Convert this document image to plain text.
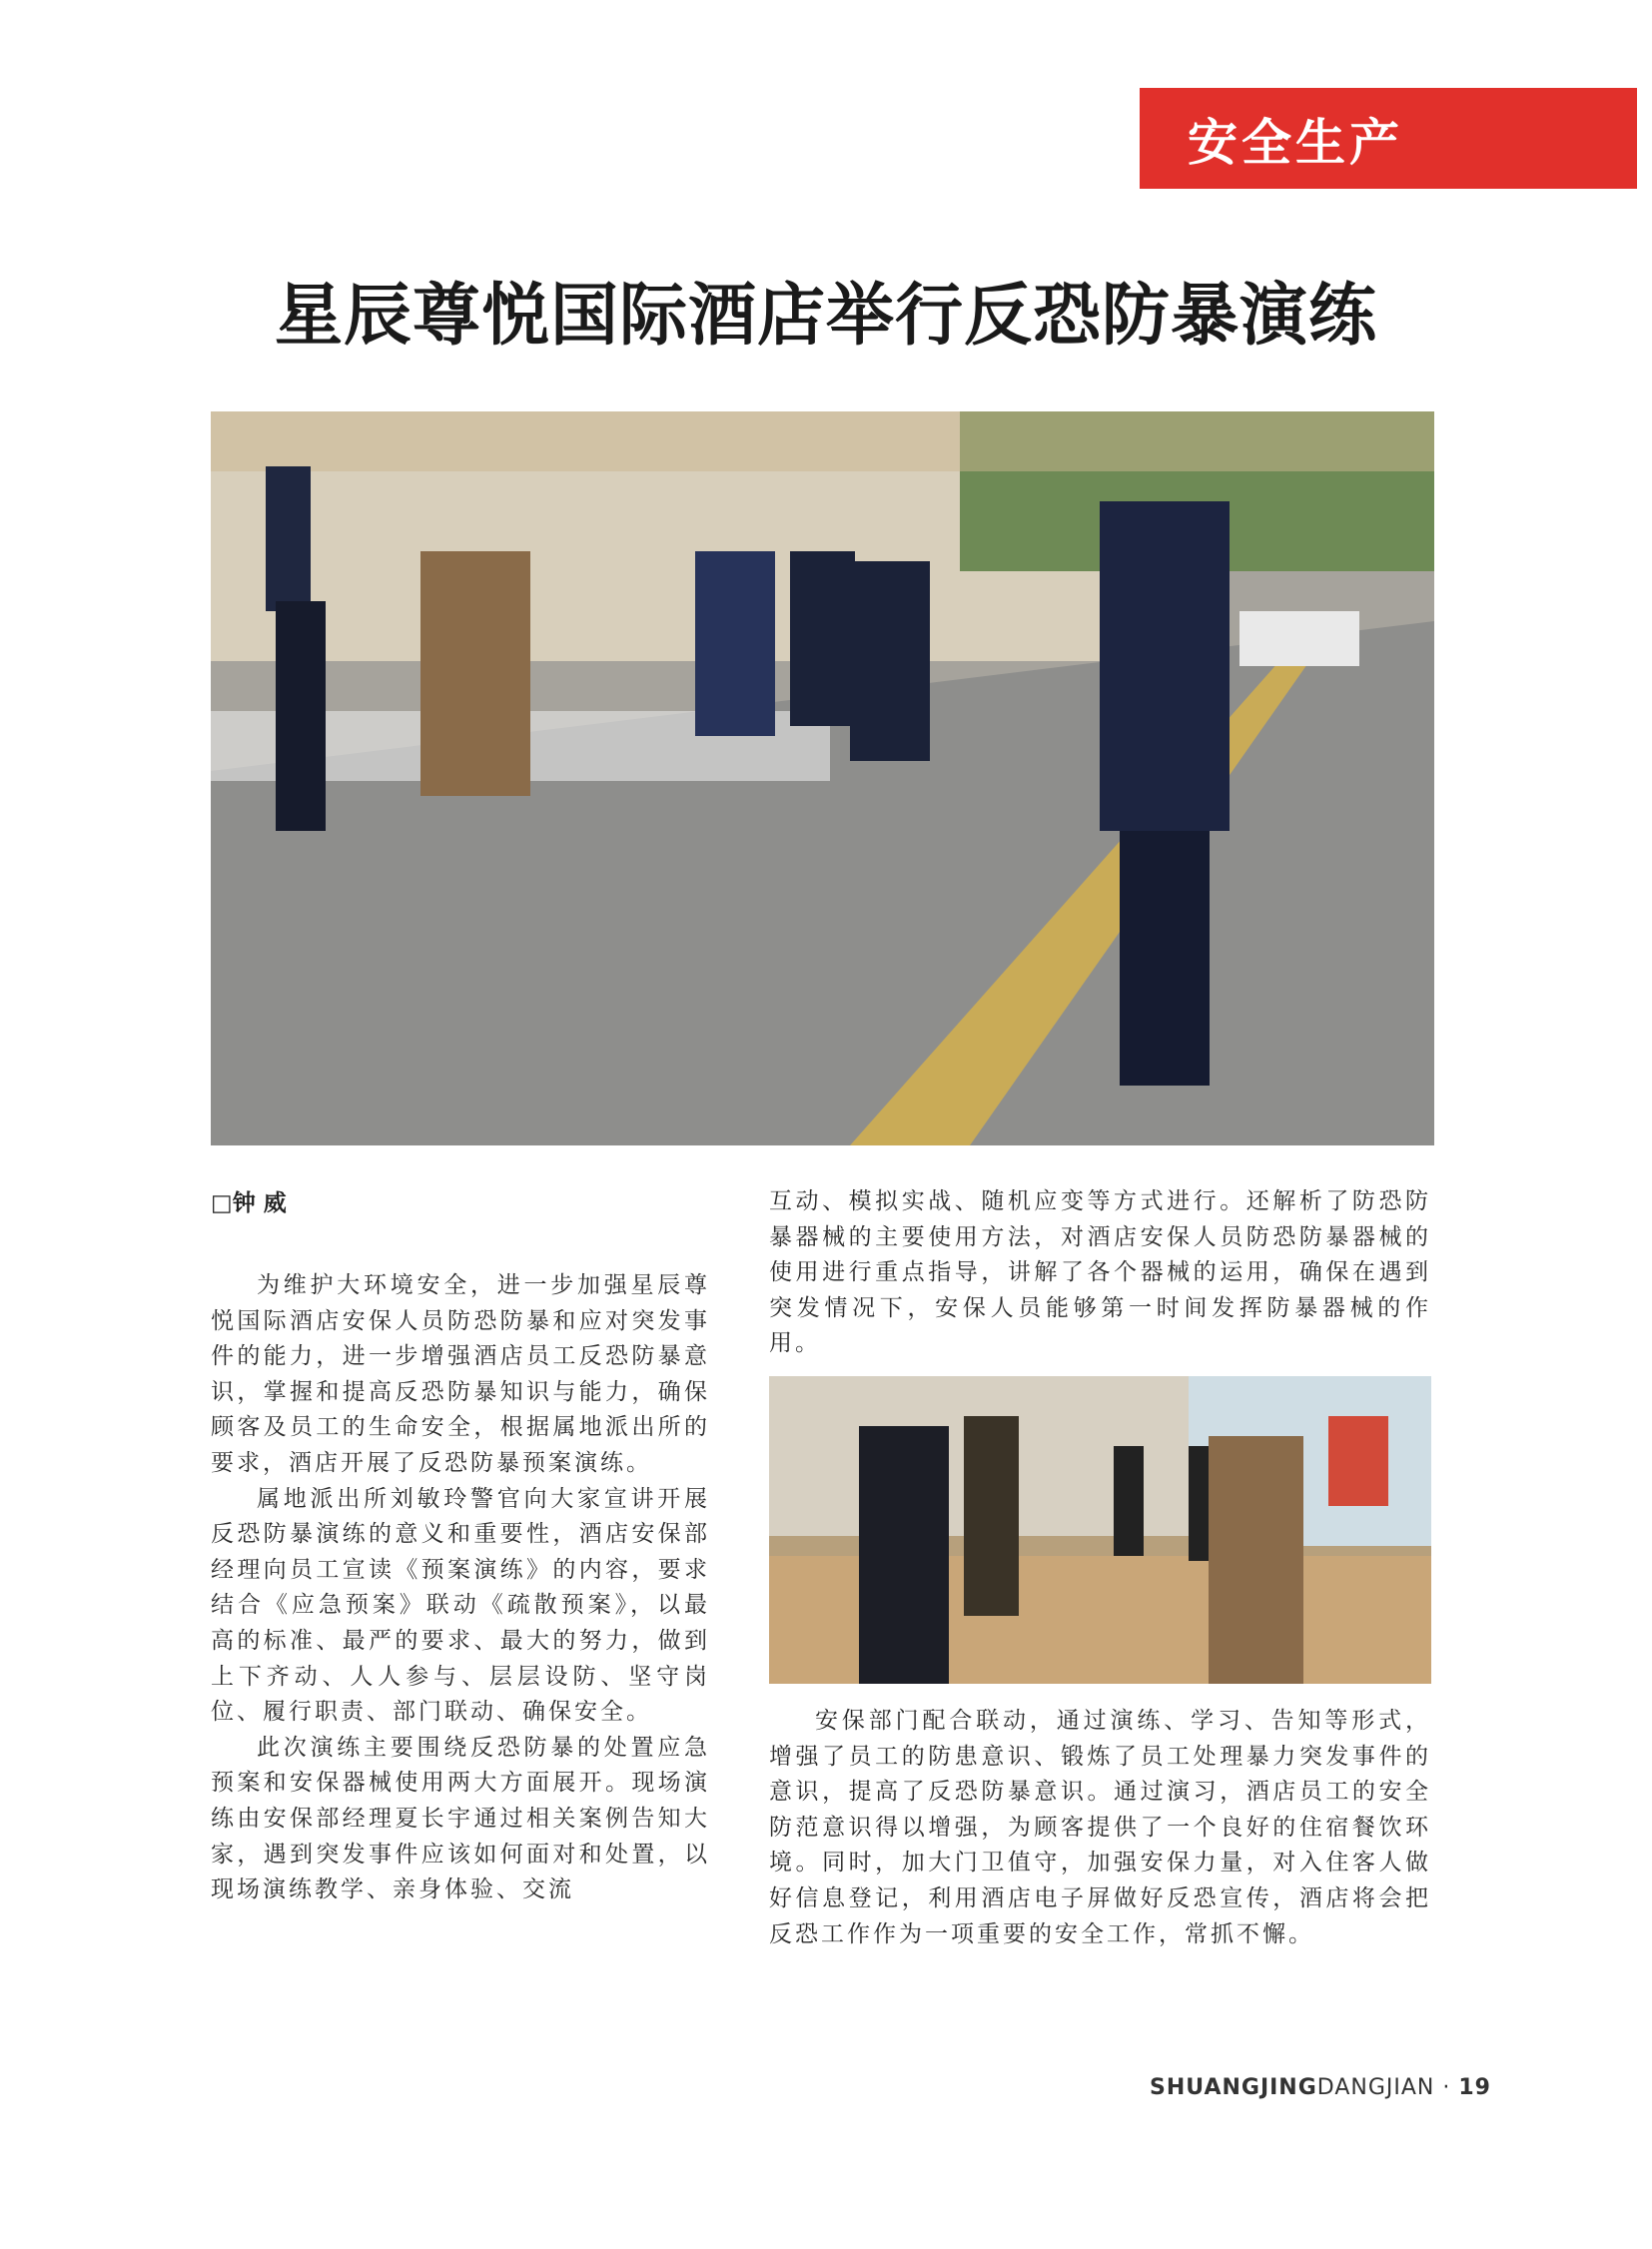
安全生产
星辰尊悦国际酒店举行反恐防暴演练
□钟 威

为维护大环境安全，进一步加强星辰尊悦国际酒店安保人员防恐防暴和应对突发事件的能力，进一步增强酒店员工反恐防暴意识，掌握和提高反恐防暴知识与能力，确保顾客及员工的生命安全，根据属地派出所的要求，酒店开展了反恐防暴预案演练。

属地派出所刘敏玲警官向大家宣讲开展反恐防暴演练的意义和重要性，酒店安保部经理向员工宣读《预案演练》的内容，要求结合《应急预案》联动《疏散预案》，以最高的标准、最严的要求、最大的努力，做到上下齐动、人人参与、层层设防、坚守岗位、履行职责、部门联动、确保安全。

此次演练主要围绕反恐防暴的处置应急预案和安保器械使用两大方面展开。现场演练由安保部经理夏长宇通过相关案例告知大家，遇到突发事件应该如何面对和处置，以现场演练教学、亲身体验、交流

互动、模拟实战、随机应变等方式进行。还解析了防恐防暴器械的主要使用方法，对酒店安保人员防恐防暴器械的使用进行重点指导，讲解了各个器械的运用，确保在遇到突发情况下，安保人员能够第一时间发挥防暴器械的作用。

安保部门配合联动，通过演练、学习、告知等形式，增强了员工的防患意识、锻炼了员工处理暴力突发事件的意识，提高了反恐防暴意识。通过演习，酒店员工的安全防范意识得以增强，为顾客提供了一个良好的住宿餐饮环境。同时，加大门卫值守，加强安保力量，对入住客人做好信息登记，利用酒店电子屏做好反恐宣传，酒店将会把反恐工作作为一项重要的安全工作，常抓不懈。

SHUANGJINGDANGJIAN · 19
